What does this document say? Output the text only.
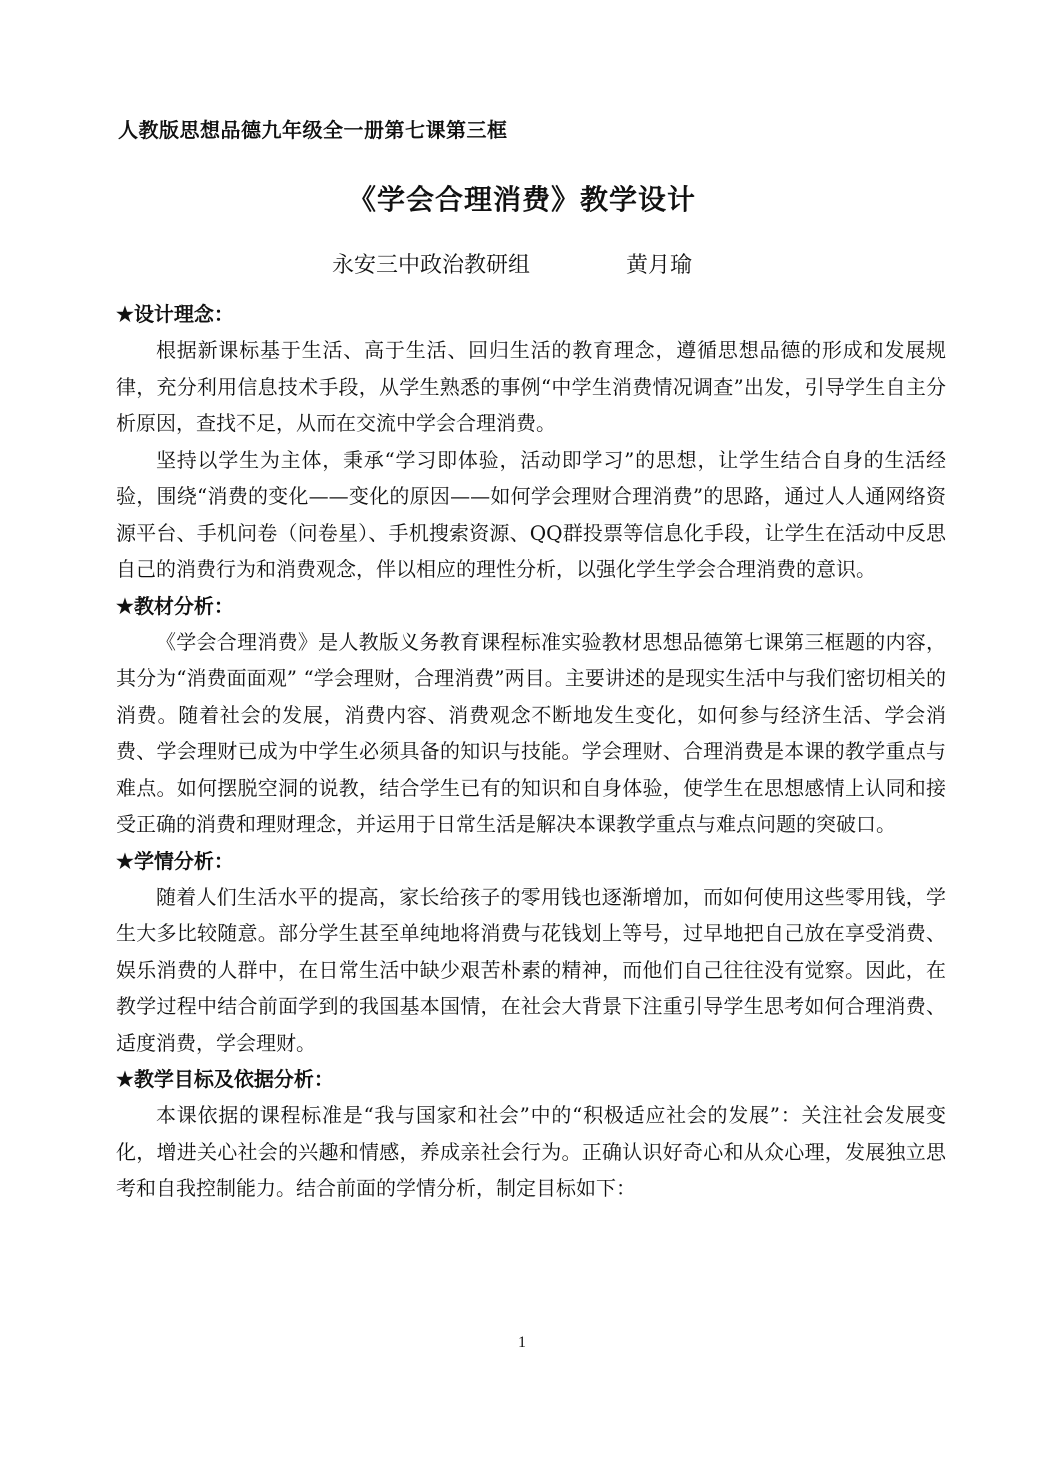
人教版思想品德九年级全一册第七课第三框
《学会合理消费》教学设计
永安三中政治教研组	黄月瑜
★设计理念：

根据新课标基于生活、高于生活、回归生活的教育理念，遵循思想品德的形成和发展规律，充分利用信息技术手段，从学生熟悉的事例“中学生消费情况调查”出发，引导学生自主分析原因，查找不足，从而在交流中学会合理消费。

坚持以学生为主体，秉承“学习即体验，活动即学习”的思想，让学生结合自身的生活经验，围绕“消费的变化——变化的原因——如何学会理财合理消费”的思路，通过人人通网络资源平台、手机问卷（问卷星）、手机搜索资源、QQ群投票等信息化手段，让学生在活动中反思自己的消费行为和消费观念，伴以相应的理性分析，以强化学生学会合理消费的意识。

★教材分析：

《学会合理消费》是人教版义务教育课程标准实验教材思想品德第七课第三框题的内容，其分为“消费面面观” “学会理财，合理消费”两目。主要讲述的是现实生活中与我们密切相关的消费。随着社会的发展，消费内容、消费观念不断地发生变化，如何参与经济生活、学会消费、学会理财已成为中学生必须具备的知识与技能。学会理财、合理消费是本课的教学重点与难点。如何摆脱空洞的说教，结合学生已有的知识和自身体验，使学生在思想感情上认同和接受正确的消费和理财理念，并运用于日常生活是解决本课教学重点与难点问题的突破口。

★学情分析：

随着人们生活水平的提高，家长给孩子的零用钱也逐渐增加，而如何使用这些零用钱，学生大多比较随意。部分学生甚至单纯地将消费与花钱划上等号，过早地把自己放在享受消费、娱乐消费的人群中，在日常生活中缺少艰苦朴素的精神，而他们自己往往没有觉察。因此，在教学过程中结合前面学到的我国基本国情，在社会大背景下注重引导学生思考如何合理消费、适度消费，学会理财。

★教学目标及依据分析：

本课依据的课程标准是“我与国家和社会”中的“积极适应社会的发展”：关注社会发展变化，增进关心社会的兴趣和情感，养成亲社会行为。正确认识好奇心和从众心理，发展独立思考和自我控制能力。结合前面的学情分析，制定目标如下：

1
